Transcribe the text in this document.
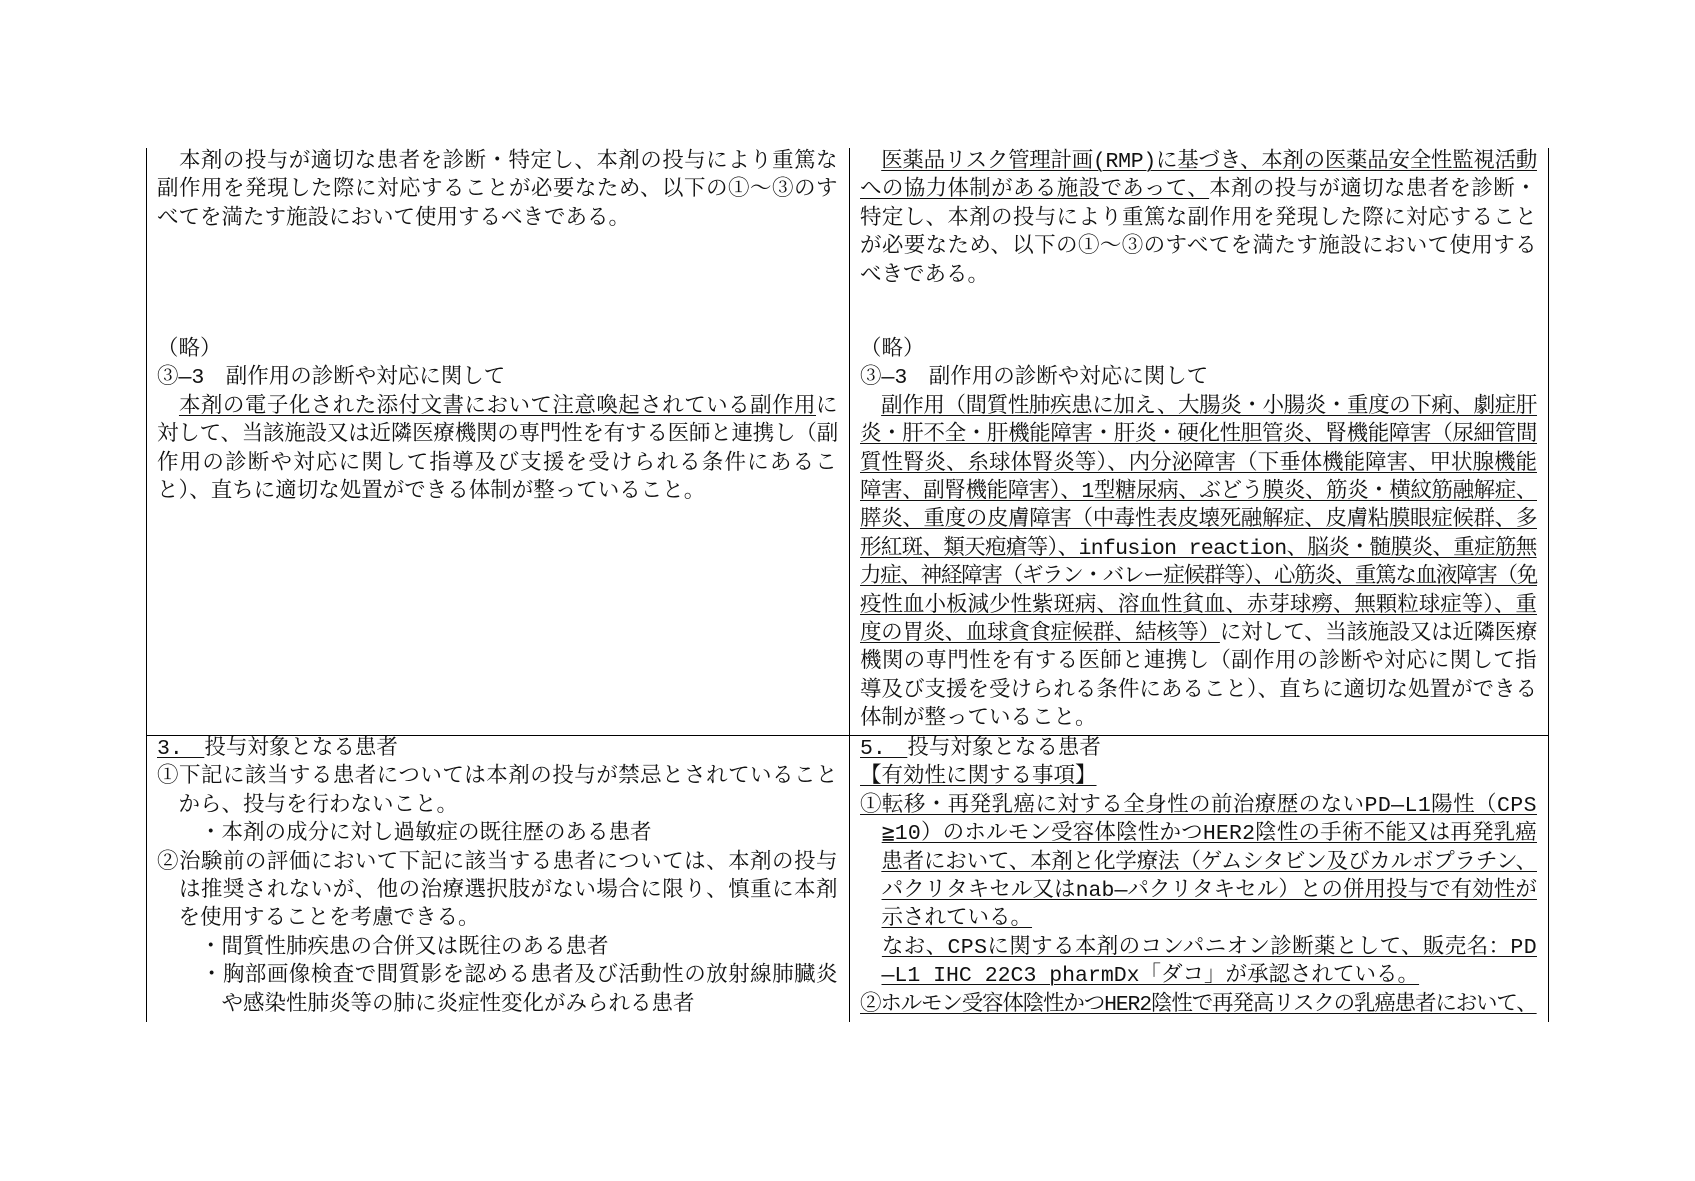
　本剤の投与が適切な患者を診断・特定し、本剤の投与により重篤な
副作用を発現した際に対応することが必要なため、以下の①～③のす
べてを満たす施設において使用するべきである。
（略）
③―3　副作用の診断や対応に関して
　本剤の電子化された添付文書において注意喚起されている副作用に
対して、当該施設又は近隣医療機関の専門性を有する医師と連携し（副
作用の診断や対応に関して指導及び支援を受けられる条件にあるこ
と）、直ちに適切な処置ができる体制が整っていること。
　医薬品リスク管理計画(RMP)に基づき、本剤の医薬品安全性監視活動
への協力体制がある施設であって、本剤の投与が適切な患者を診断・
特定し、本剤の投与により重篤な副作用を発現した際に対応すること
が必要なため、以下の①～③のすべてを満たす施設において使用する
べきである。
（略）
③―3　副作用の診断や対応に関して
　副作用（間質性肺疾患に加え、大腸炎・小腸炎・重度の下痢、劇症肝
炎・肝不全・肝機能障害・肝炎・硬化性胆管炎、腎機能障害（尿細管間
質性腎炎、糸球体腎炎等）、内分泌障害（下垂体機能障害、甲状腺機能
障害、副腎機能障害）、1型糖尿病、ぶどう膜炎、筋炎・横紋筋融解症、
膵炎、重度の皮膚障害（中毒性表皮壊死融解症、皮膚粘膜眼症候群、多
形紅斑、類天疱瘡等）、infusion reaction、脳炎・髄膜炎、重症筋無
力症、神経障害（ギラン・バレー症候群等）、心筋炎、重篤な血液障害（免
疫性血小板減少性紫斑病、溶血性貧血、赤芽球癆、無顆粒球症等）、重
度の胃炎、血球貪食症候群、結核等）に対して、当該施設又は近隣医療
機関の専門性を有する医師と連携し（副作用の診断や対応に関して指
導及び支援を受けられる条件にあること）、直ちに適切な処置ができる
体制が整っていること。
3.　投与対象となる患者
①下記に該当する患者については本剤の投与が禁忌とされていること
　から、投与を行わないこと。
　　・本剤の成分に対し過敏症の既往歴のある患者
②治験前の評価において下記に該当する患者については、本剤の投与
　は推奨されないが、他の治療選択肢がない場合に限り、慎重に本剤
　を使用することを考慮できる。
　　・間質性肺疾患の合併又は既往のある患者
　　・胸部画像検査で間質影を認める患者及び活動性の放射線肺臓炎
　　　や感染性肺炎等の肺に炎症性変化がみられる患者
5.　投与対象となる患者
【有効性に関する事項】
①転移・再発乳癌に対する全身性の前治療歴のないPD―L1陽性（CPS
　≧10）のホルモン受容体陰性かつHER2陰性の手術不能又は再発乳癌
　患者において、本剤と化学療法（ゲムシタビン及びカルボプラチン、
　パクリタキセル又はnab―パクリタキセル）との併用投与で有効性が
　示されている。
　なお、CPSに関する本剤のコンパニオン診断薬として、販売名：PD
　―L1 IHC 22C3 pharmDx「ダコ」が承認されている。
②ホルモン受容体陰性かつHER2陰性で再発高リスクの乳癌患者において、
